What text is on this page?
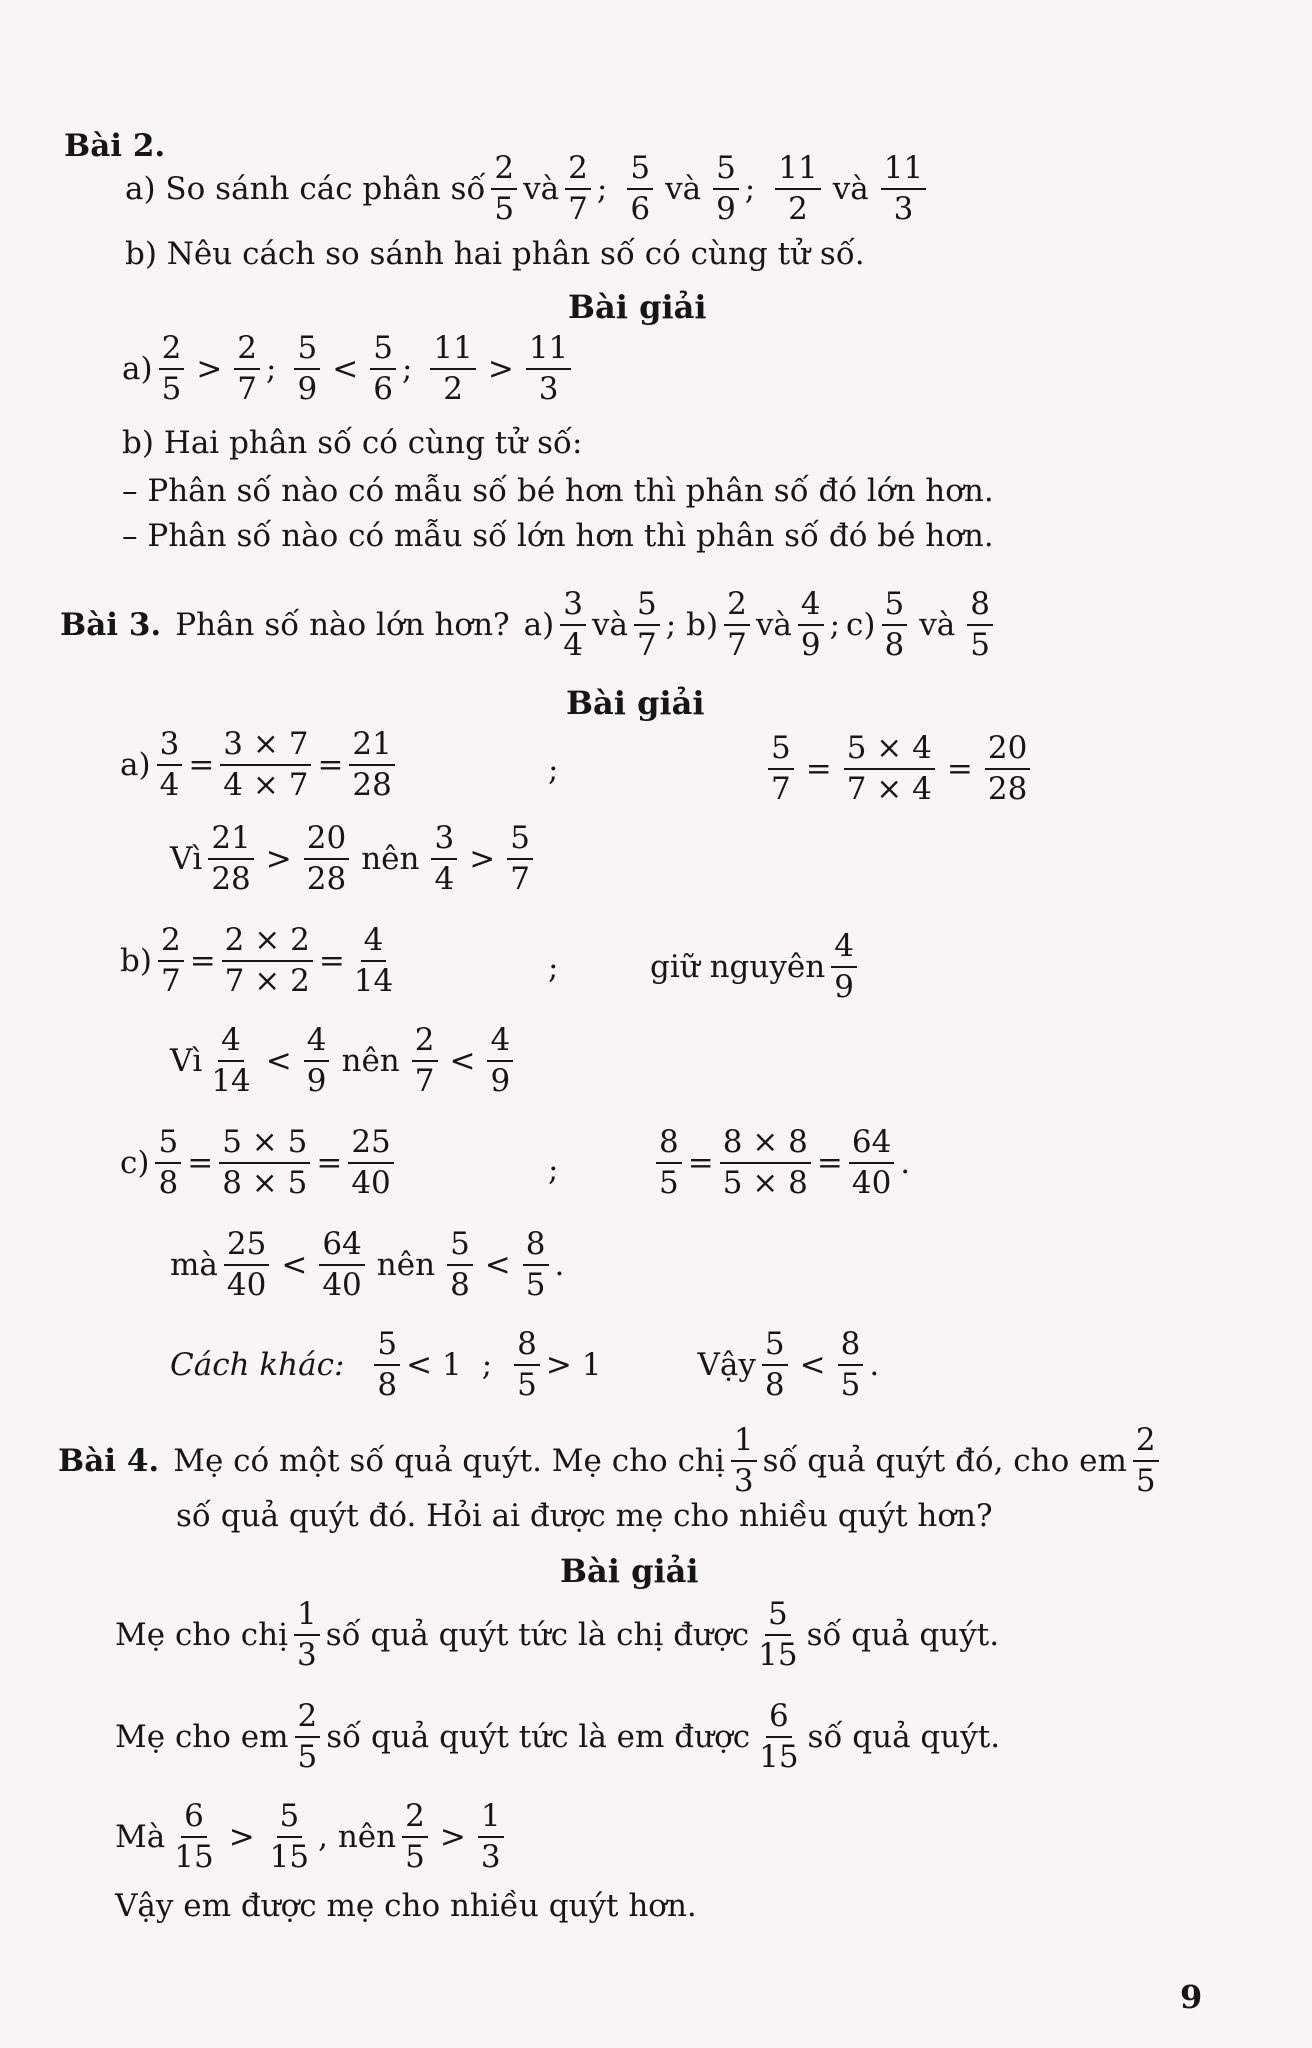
Bài 2.
a) So sánh các phân số $\frac{2}{5}$ và $\frac{2}{7}$ ; $\frac{5}{6}$ và $\frac{5}{9}$ ; $\frac{11}{2}$ và $\frac{11}{3}$
b) Nêu cách so sánh hai phân số có cùng tử số.
Bài giải
$a) \frac{2}{5} > \frac{2}{7}$ ; $\frac{5}{9} < \frac{5}{6}$ ; $\frac{11}{2} > \frac{11}{3}$
b) Hai phân số có cùng tử số:
– Phân số nào có mẫu số bé hơn thì phân số đó lớn hơn.
– Phân số nào có mẫu số lớn hơn thì phân số đó bé hơn.
Bài 3. Phân số nào lớn hơn? $a) \frac{3}{4}$ và $\frac{5}{7}$ ; $b) \frac{2}{7}$ và $\frac{4}{9}$ ; $c) \frac{5}{8}$ và $\frac{8}{5}$
Bài giải
$a) \frac{3}{4} = \frac{3 \times 7}{4 \times 7} = \frac{21}{28}$	;	$\frac{5}{7} = \frac{5 \times 4}{7 \times 4} = \frac{20}{28}$
Vì $\frac{21}{28} > \frac{20}{28}$ nên $\frac{3}{4} > \frac{5}{7}$
$b) \frac{2}{7} = \frac{2 \times 2}{7 \times 2} = \frac{4}{14}$	;	giữ nguyên $\frac{4}{9}$
Vì $\frac{4}{14} < \frac{4}{9}$ nên $\frac{2}{7} < \frac{4}{9}$
$c) \frac{5}{8} = \frac{5 \times 5}{8 \times 5} = \frac{25}{40}$	;	$\frac{8}{5} = \frac{8 \times 8}{5 \times 8} = \frac{64}{40}$ .
mà $\frac{25}{40} < \frac{64}{40}$ nên $\frac{5}{8} < \frac{8}{5}$ .
Cách khác: $\frac{5}{8} < 1$ ; $\frac{8}{5} > 1$	Vậy $\frac{5}{8} < \frac{8}{5}$ .
Bài 4. Mẹ có một số quả quýt. Mẹ cho chị $\frac{1}{3}$ số quả quýt đó, cho em $\frac{2}{5}$
số quả quýt đó. Hỏi ai được mẹ cho nhiều quýt hơn?
Bài giải
Mẹ cho chị $\frac{1}{3}$ số quả quýt tức là chị được $\frac{5}{15}$ số quả quýt.
Mẹ cho em $\frac{2}{5}$ số quả quýt tức là em được $\frac{6}{15}$ số quả quýt.
Mà $\frac{6}{15} > \frac{5}{15}$ , nên $\frac{2}{5} > \frac{1}{3}$
Vậy em được mẹ cho nhiều quýt hơn.
9
